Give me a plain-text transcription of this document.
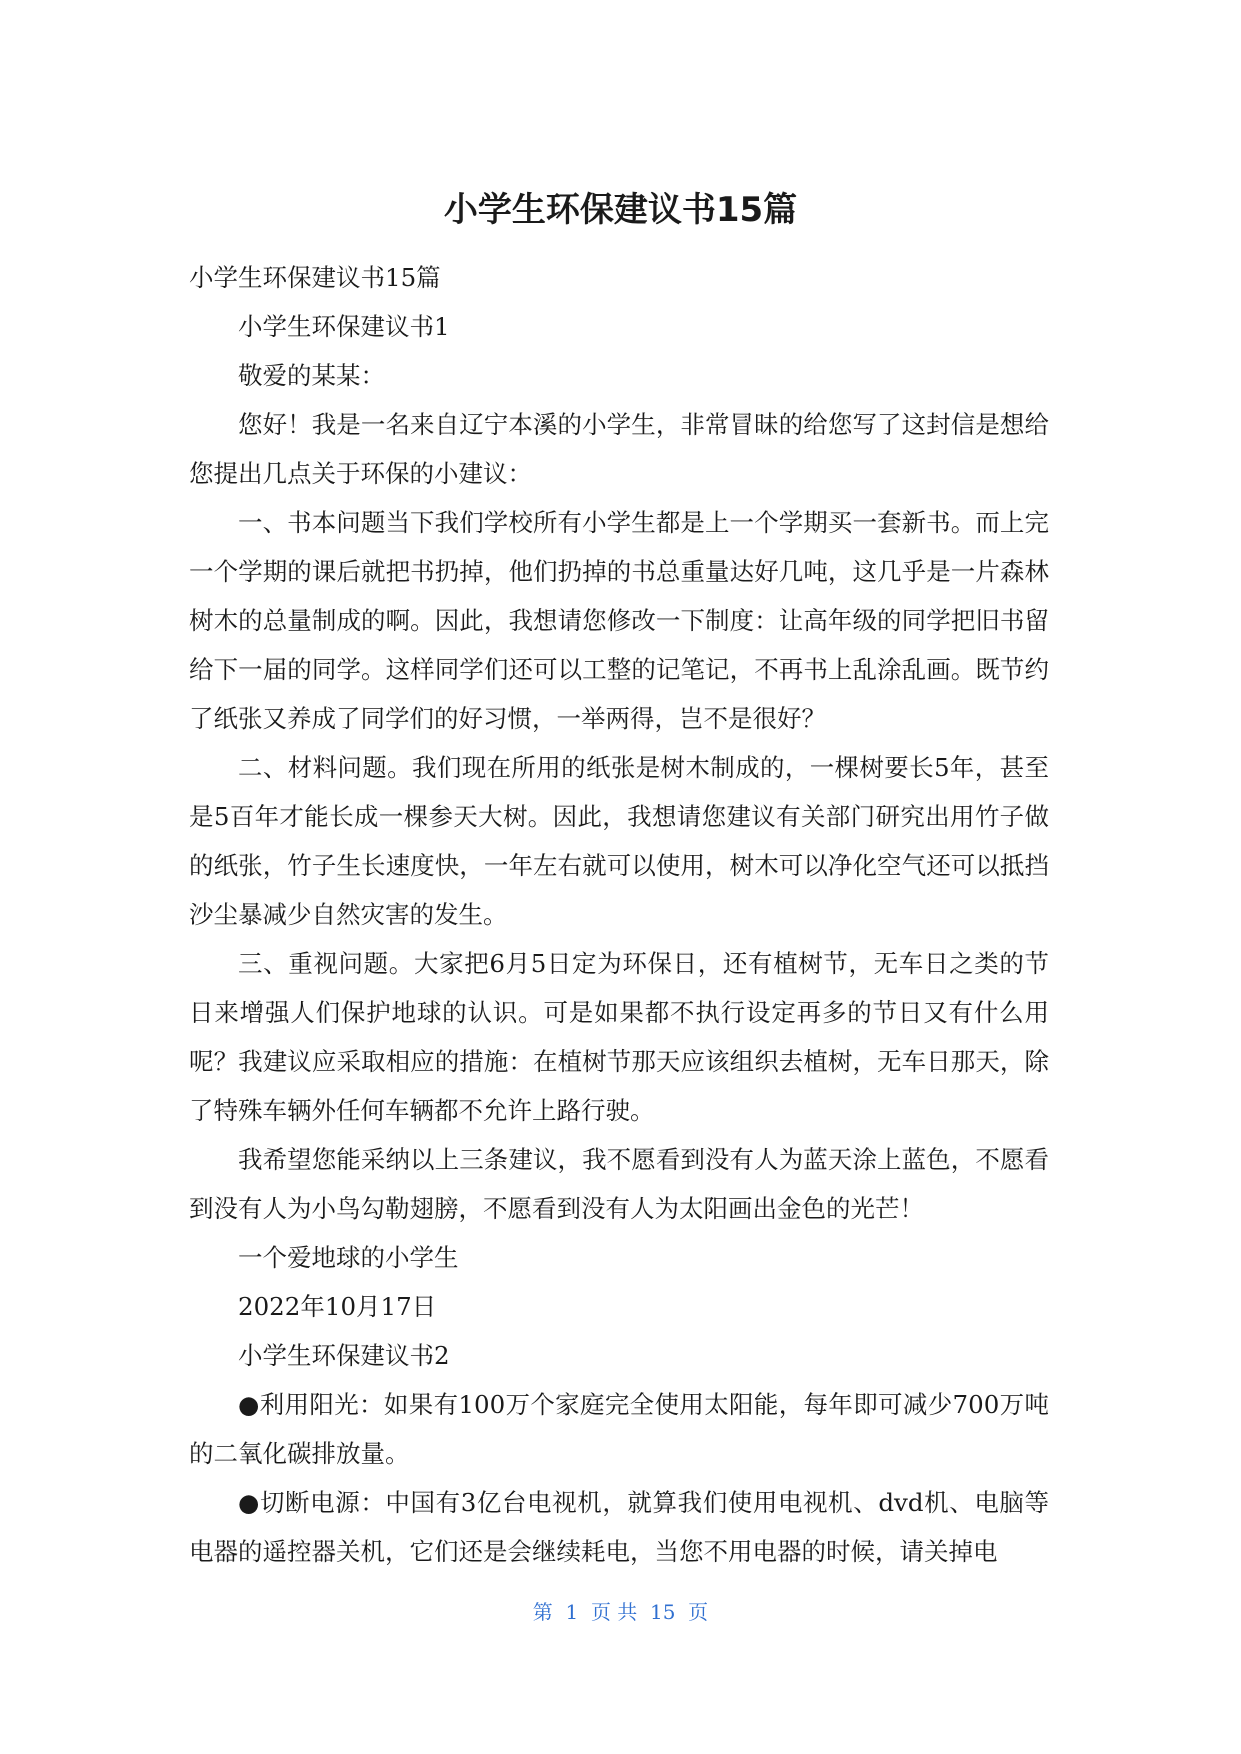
小学生环保建议书15篇

小学生环保建议书15篇

小学生环保建议书1

敬爱的某某：

您好！我是一名来自辽宁本溪的小学生，非常冒昧的给您写了这封信是想给您提出几点关于环保的小建议：

一、书本问题当下我们学校所有小学生都是上一个学期买一套新书。而上完一个学期的课后就把书扔掉，他们扔掉的书总重量达好几吨，这几乎是一片森林树木的总量制成的啊。因此，我想请您修改一下制度：让高年级的同学把旧书留给下一届的同学。这样同学们还可以工整的记笔记，不再书上乱涂乱画。既节约了纸张又养成了同学们的好习惯，一举两得，岂不是很好？

二、材料问题。我们现在所用的纸张是树木制成的，一棵树要长5年，甚至是5百年才能长成一棵参天大树。因此，我想请您建议有关部门研究出用竹子做的纸张，竹子生长速度快，一年左右就可以使用，树木可以净化空气还可以抵挡沙尘暴减少自然灾害的发生。

三、重视问题。大家把6月5日定为环保日，还有植树节，无车日之类的节日来增强人们保护地球的认识。可是如果都不执行设定再多的节日又有什么用呢？我建议应采取相应的措施：在植树节那天应该组织去植树，无车日那天，除了特殊车辆外任何车辆都不允许上路行驶。

我希望您能采纳以上三条建议，我不愿看到没有人为蓝天涂上蓝色，不愿看到没有人为小鸟勾勒翅膀，不愿看到没有人为太阳画出金色的光芒！

一个爱地球的小学生

2022年10月17日

小学生环保建议书2

●利用阳光：如果有100万个家庭完全使用太阳能，每年即可减少700万吨的二氧化碳排放量。

●切断电源：中国有3亿台电视机，就算我们使用电视机、dvd机、电脑等电器的遥控器关机，它们还是会继续耗电，当您不用电器的时候，请关掉电

第  1  页 共  15  页
